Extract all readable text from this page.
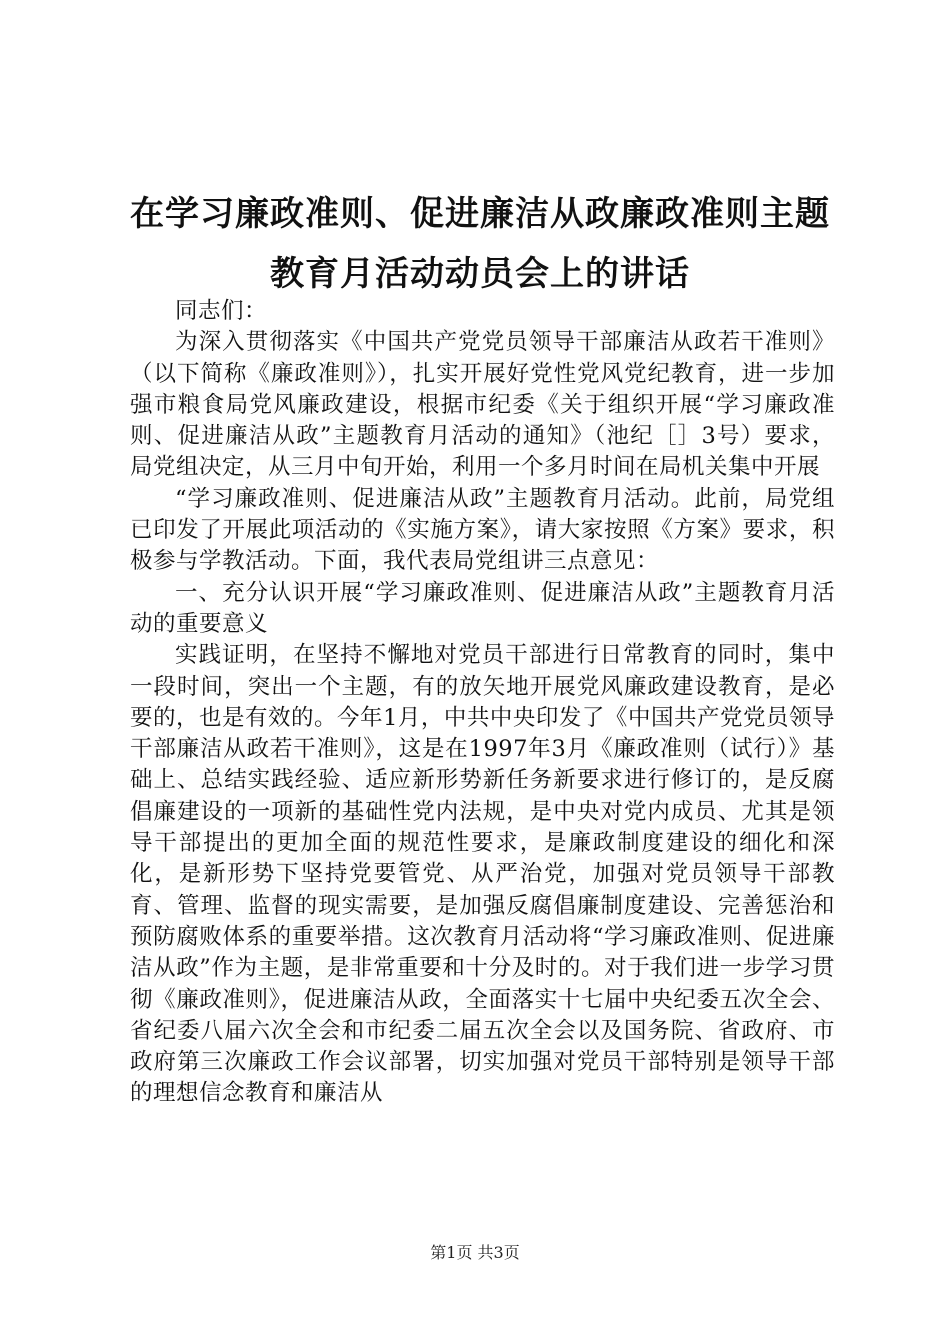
在学习廉政准则、促进廉洁从政廉政准则主题
教育月活动动员会上的讲话

同志们：

为深入贯彻落实《中国共产党党员领导干部廉洁从政若干准则》（以下简称《廉政准则》），扎实开展好党性党风党纪教育，进一步加强市粮食局党风廉政建设，根据市纪委《关于组织开展“学习廉政准则、促进廉洁从政”主题教育月活动的通知》（池纪［］3号）要求，局党组决定，从三月中旬开始，利用一个多月时间在局机关集中开展

“学习廉政准则、促进廉洁从政”主题教育月活动。此前，局党组已印发了开展此项活动的《实施方案》，请大家按照《方案》要求，积极参与学教活动。下面，我代表局党组讲三点意见：

一、充分认识开展“学习廉政准则、促进廉洁从政”主题教育月活动的重要意义

实践证明，在坚持不懈地对党员干部进行日常教育的同时，集中一段时间，突出一个主题，有的放矢地开展党风廉政建设教育，是必要的，也是有效的。今年1月，中共中央印发了《中国共产党党员领导干部廉洁从政若干准则》，这是在1997年3月《廉政准则（试行）》基础上、总结实践经验、适应新形势新任务新要求进行修订的，是反腐倡廉建设的一项新的基础性党内法规，是中央对党内成员、尤其是领导干部提出的更加全面的规范性要求，是廉政制度建设的细化和深化，是新形势下坚持党要管党、从严治党，加强对党员领导干部教育、管理、监督的现实需要，是加强反腐倡廉制度建设、完善惩治和预防腐败体系的重要举措。这次教育月活动将“学习廉政准则、促进廉洁从政”作为主题，是非常重要和十分及时的。对于我们进一步学习贯彻《廉政准则》，促进廉洁从政，全面落实十七届中央纪委五次全会、省纪委八届六次全会和市纪委二届五次全会以及国务院、省政府、市政府第三次廉政工作会议部署，切实加强对党员干部特别是领导干部的理想信念教育和廉洁从

第1页 共3页
